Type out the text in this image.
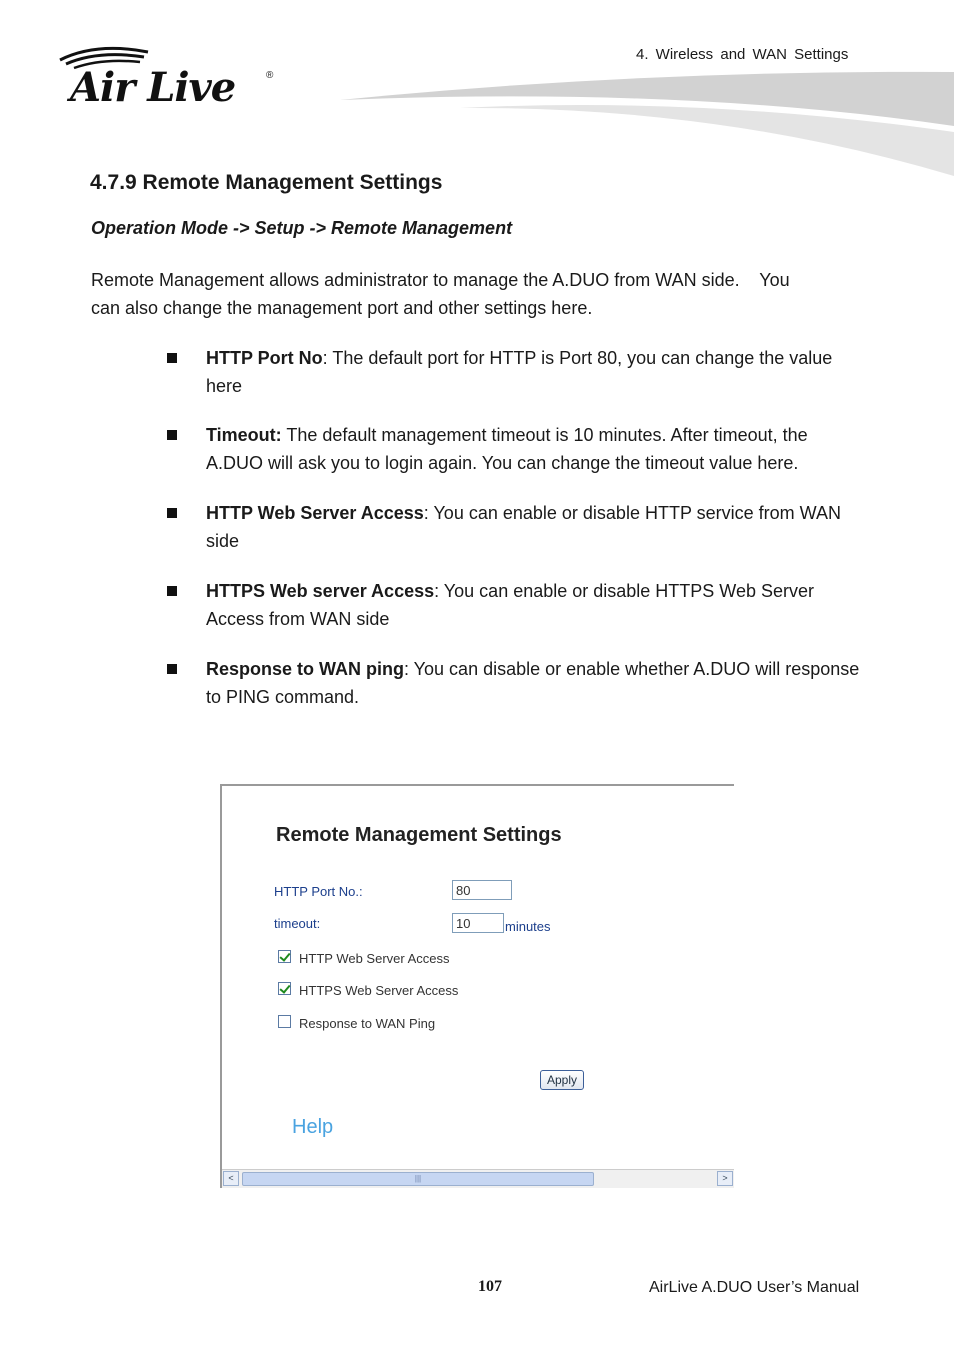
4. Wireless and WAN Settings
Air Live	®
4.7.9 Remote Management Settings
Operation Mode -> Setup -> Remote Management
Remote Management allows administrator to manage the A.DUO from WAN side.    You
can also change the management port and other settings here.
HTTP Port No: The default port for HTTP is Port 80, you can change the value here
Timeout: The default management timeout is 10 minutes. After timeout, the A.DUO will ask you to login again. You can change the timeout value here.
HTTP Web Server Access: You can enable or disable HTTP service from WAN side
HTTPS Web server Access: You can enable or disable HTTPS Web Server Access from WAN side
Response to WAN ping: You can disable or enable whether A.DUO will response to PING command.
Remote Management Settings
HTTP Port No.:
80
timeout:
10	minutes
HTTP Web Server Access
HTTPS Web Server Access
Response to WAN Ping
Apply
Help
<	|||	>
107	AirLive A.DUO User’s Manual
